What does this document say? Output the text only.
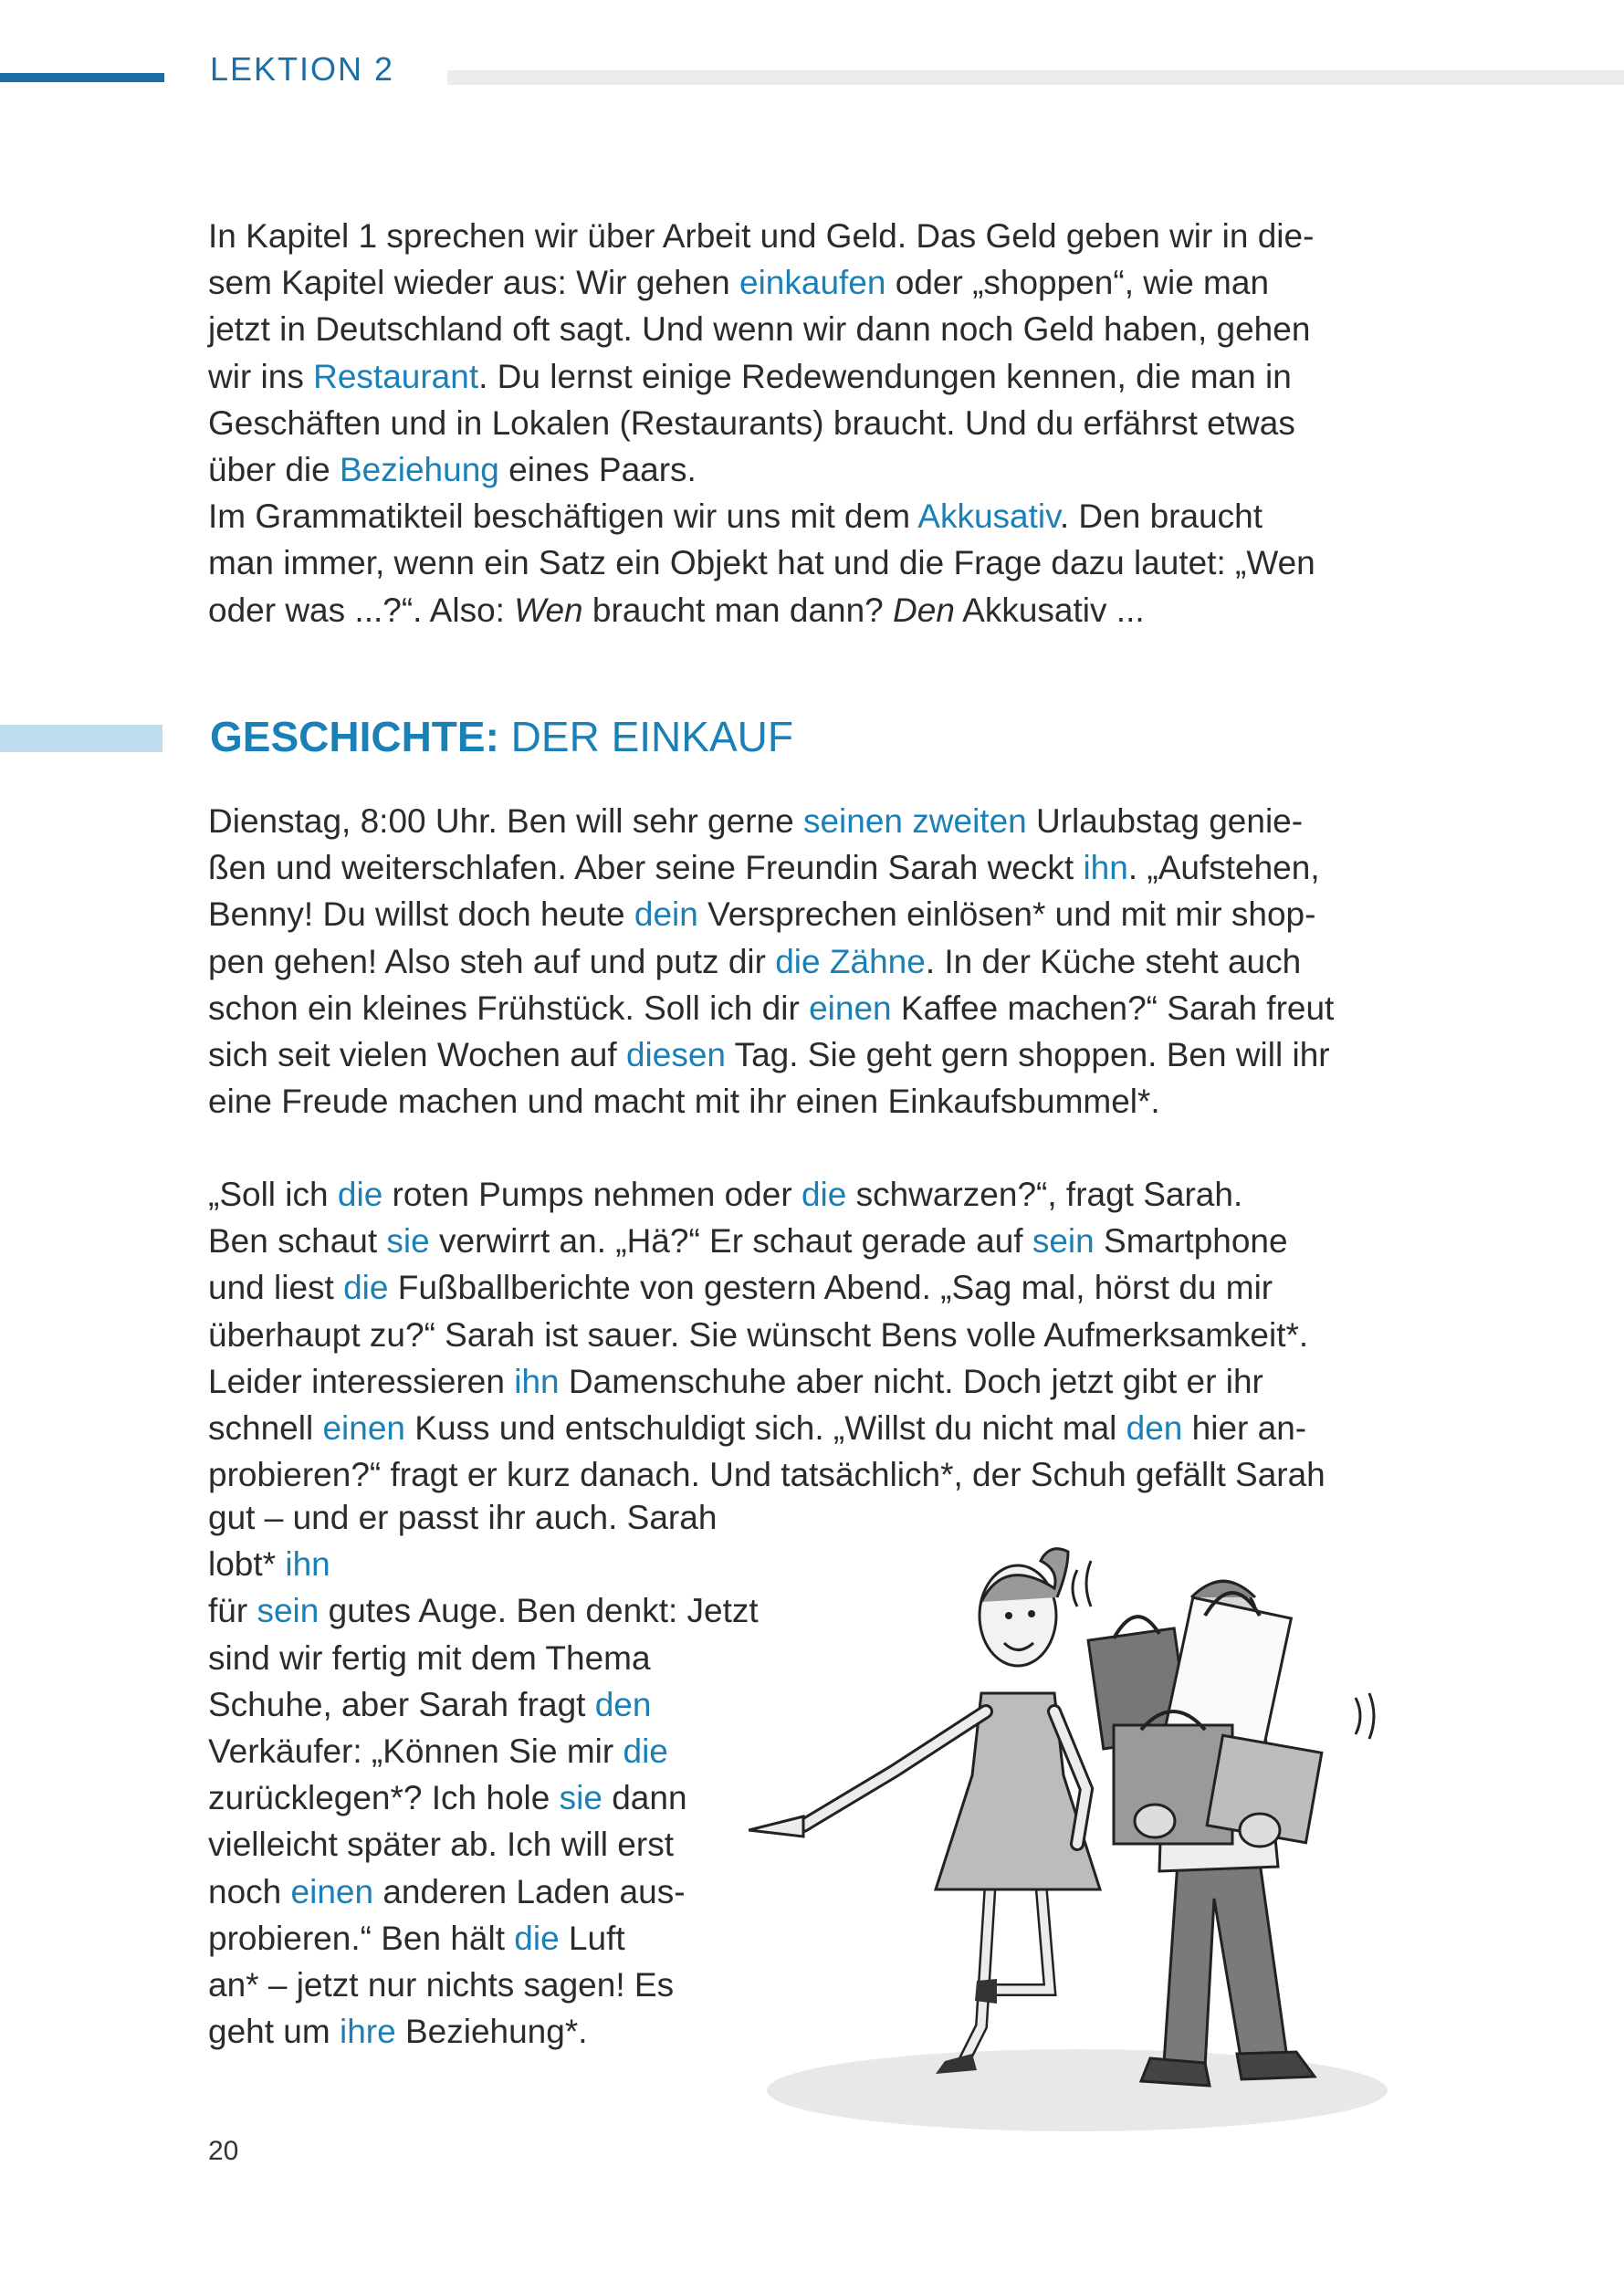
LEKTION 2
In Kapitel 1 sprechen wir über Arbeit und Geld. Das Geld geben wir in die-
sem Kapitel wieder aus: Wir gehen einkaufen oder „shoppen“, wie man
jetzt in Deutschland oft sagt. Und wenn wir dann noch Geld haben, gehen
wir ins Restaurant. Du lernst einige Redewendungen kennen, die man in
Geschäften und in Lokalen (Restaurants) braucht. Und du erfährst etwas
über die Beziehung eines Paars.
Im Grammatikteil beschäftigen wir uns mit dem Akkusativ. Den braucht
man immer, wenn ein Satz ein Objekt hat und die Frage dazu lautet: „Wen
oder was ...?“. Also: Wen braucht man dann? Den Akkusativ ...
GESCHICHTE: DER EINKAUF
Dienstag, 8:00 Uhr. Ben will sehr gerne seinen zweiten Urlaubstag genie-
ßen und weiterschlafen. Aber seine Freundin Sarah weckt ihn. „Aufstehen,
Benny! Du willst doch heute dein Versprechen einlösen* und mit mir shop-
pen gehen! Also steh auf und putz dir die Zähne. In der Küche steht auch
schon ein kleines Frühstück. Soll ich dir einen Kaffee machen?“ Sarah freut
sich seit vielen Wochen auf diesen Tag. Sie geht gern shoppen. Ben will ihr
eine Freude machen und macht mit ihr einen Einkaufsbummel*.
„Soll ich die roten Pumps nehmen oder die schwarzen?“, fragt Sarah.
Ben schaut sie verwirrt an. „Hä?“ Er schaut gerade auf sein Smartphone
und liest die Fußballberichte von gestern Abend. „Sag mal, hörst du mir
überhaupt zu?“ Sarah ist sauer. Sie wünscht Bens volle Aufmerksamkeit*.
Leider interessieren ihn Damenschuhe aber nicht. Doch jetzt gibt er ihr
schnell einen Kuss und entschuldigt sich. „Willst du nicht mal den hier an-
probieren?“ fragt er kurz danach. Und tatsächlich*, der Schuh gefällt Sarah
gut – und er passt ihr auch. Sarah lobt* ihn
für sein gutes Auge. Ben denkt: Jetzt
sind wir fertig mit dem Thema
Schuhe, aber Sarah fragt den
Verkäufer: „Können Sie mir die
zurücklegen*? Ich hole sie dann
vielleicht später ab. Ich will erst
noch einen anderen Laden aus-
probieren.“ Ben hält die Luft
an* – jetzt nur nichts sagen! Es
geht um ihre Beziehung*.
20
